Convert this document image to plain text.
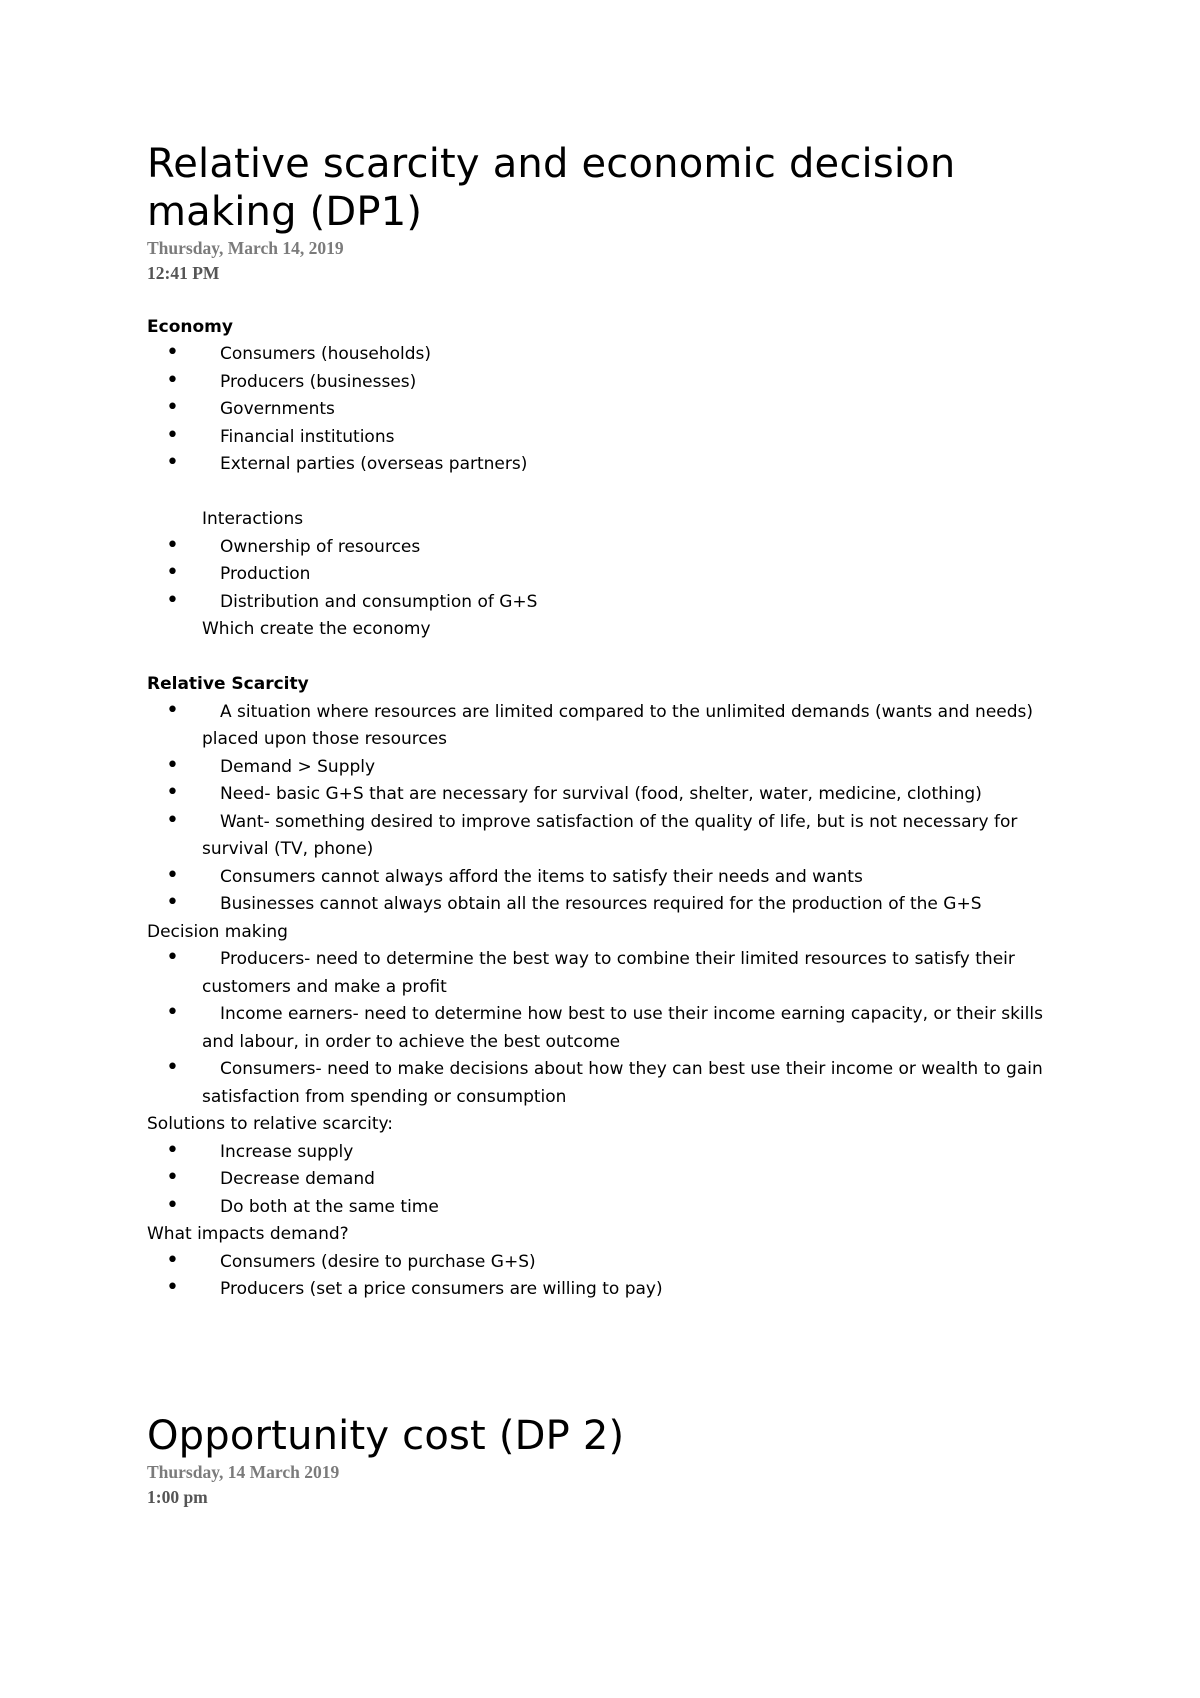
Relative scarcity and economic decision making (DP1)
Thursday, March 14, 2019
12:41 PM
Economy
• Consumers (households)
• Producers (businesses)
• Governments
• Financial institutions
• External parties (overseas partners)
Interactions
• Ownership of resources
• Production
• Distribution and consumption of G+S
Which create the economy
Relative Scarcity
• A situation where resources are limited compared to the unlimited demands (wants and needs) placed upon those resources
• Demand > Supply
• Need- basic G+S that are necessary for survival (food, shelter, water, medicine, clothing)
• Want- something desired to improve satisfaction of the quality of life, but is not necessary for survival (TV, phone)
• Consumers cannot always afford the items to satisfy their needs and wants
• Businesses cannot always obtain all the resources required for the production of the G+S
Decision making
• Producers- need to determine the best way to combine their limited resources to satisfy their customers and make a profit
• Income earners- need to determine how best to use their income earning capacity, or their skills and labour, in order to achieve the best outcome
• Consumers- need to make decisions about how they can best use their income or wealth to gain satisfaction from spending or consumption
Solutions to relative scarcity:
• Increase supply
• Decrease demand
• Do both at the same time
What impacts demand?
• Consumers (desire to purchase G+S)
• Producers (set a price consumers are willing to pay)
Opportunity cost (DP 2)
Thursday, 14 March 2019
1:00 pm
